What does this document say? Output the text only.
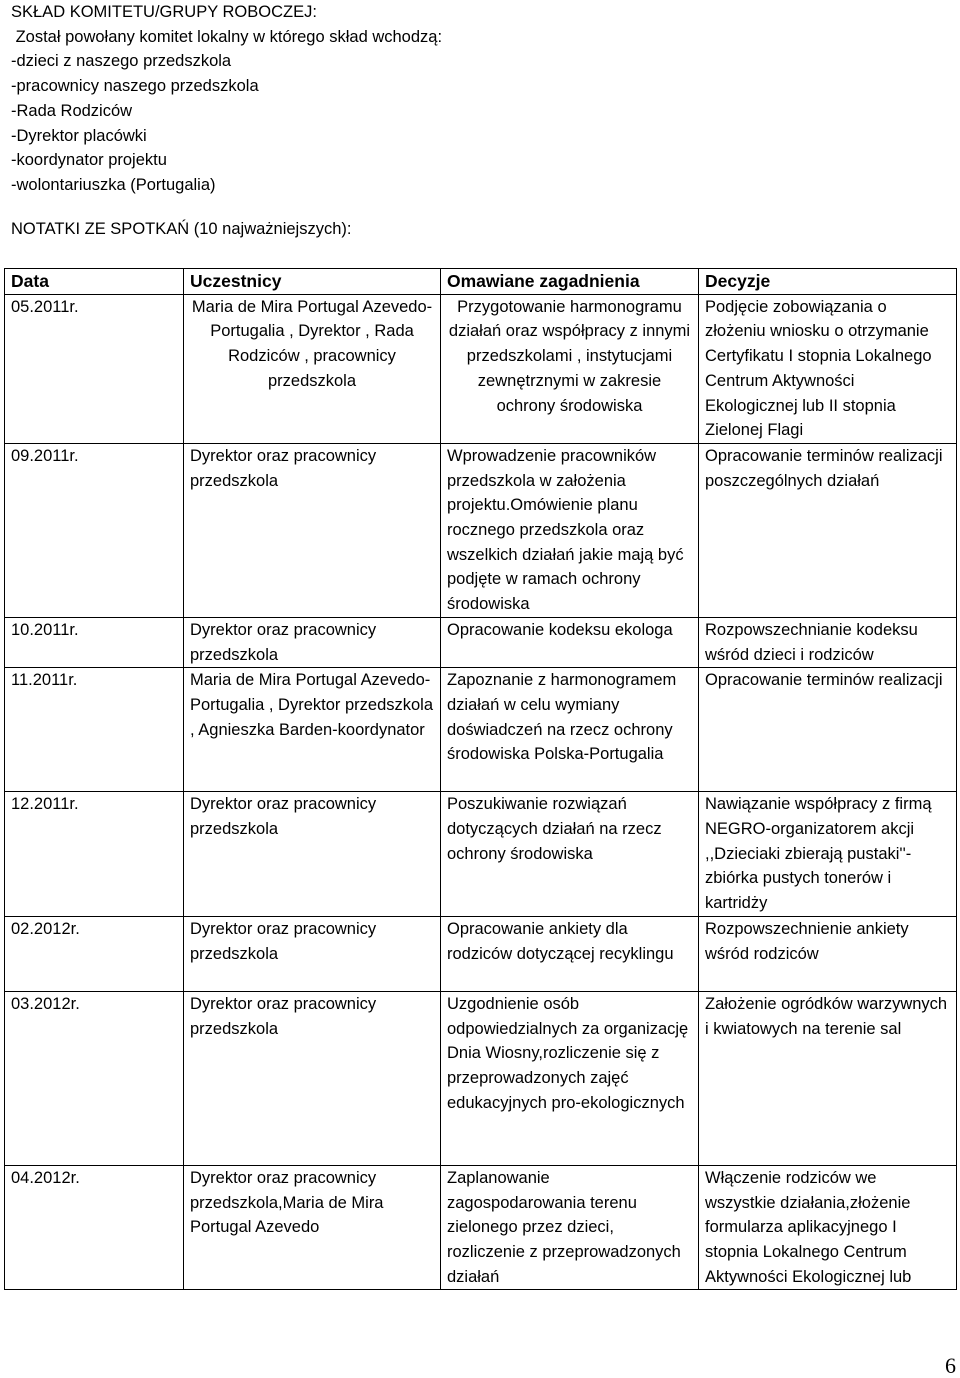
SKŁAD KOMITETU/GRUPY ROBOCZEJ:
Został powołany komitet lokalny w którego skład wchodzą:
-dzieci z naszego przedszkola
-pracownicy naszego przedszkola
-Rada Rodziców
-Dyrektor placówki
-koordynator projektu
-wolontariuszka (Portugalia)
NOTATKI ZE SPOTKAŃ (10 najważniejszych):
Data	Uczestnicy	Omawiane zagadnienia	Decyzje
05.2011r.	Maria de Mira Portugal Azevedo-Portugalia , Dyrektor , Rada Rodziców , pracownicy przedszkola	Przygotowanie harmonogramu działań oraz współpracy z innymi przedszkolami , instytucjami zewnętrznymi w zakresie ochrony środowiska	Podjęcie zobowiązania o złożeniu wniosku o otrzymanie Certyfikatu I stopnia Lokalnego Centrum Aktywności Ekologicznej lub II stopnia Zielonej Flagi
09.2011r.	Dyrektor oraz pracownicy przedszkola	Wprowadzenie pracowników przedszkola w założenia projektu.Omówienie planu rocznego przedszkola oraz wszelkich działań jakie mają być podjęte w ramach ochrony środowiska	Opracowanie terminów realizacji poszczególnych działań
10.2011r.	Dyrektor oraz pracownicy przedszkola	Opracowanie kodeksu ekologa	Rozpowszechnianie kodeksu wśród dzieci i rodziców
11.2011r.	Maria de Mira Portugal Azevedo-Portugalia , Dyrektor przedszkola , Agnieszka Barden-koordynator	Zapoznanie z harmonogramem działań w celu wymiany doświadczeń na rzecz ochrony środowiska Polska-Portugalia	Opracowanie terminów realizacji
12.2011r.	Dyrektor oraz pracownicy przedszkola	Poszukiwanie rozwiązań dotyczących działań na rzecz ochrony środowiska	Nawiązanie współpracy z firmą NEGRO-organizatorem akcji ,,Dzieciaki zbierają pustaki''-zbiórka pustych tonerów i kartridży
02.2012r.	Dyrektor oraz pracownicy przedszkola	Opracowanie ankiety dla rodziców dotyczącej recyklingu	Rozpowszechnienie ankiety wśród rodziców
03.2012r.	Dyrektor oraz pracownicy przedszkola	Uzgodnienie osób odpowiedzialnych za organizację Dnia Wiosny,rozliczenie się z przeprowadzonych zajęć edukacyjnych pro-ekologicznych	Założenie ogródków warzywnych i kwiatowych na terenie sal
04.2012r.	Dyrektor oraz pracownicy przedszkola,Maria de Mira Portugal Azevedo	Zaplanowanie zagospodarowania terenu zielonego przez dzieci, rozliczenie z przeprowadzonych działań	Włączenie rodziców we wszystkie działania,złożenie formularza aplikacyjnego I stopnia Lokalnego Centrum Aktywności Ekologicznej lub
6
